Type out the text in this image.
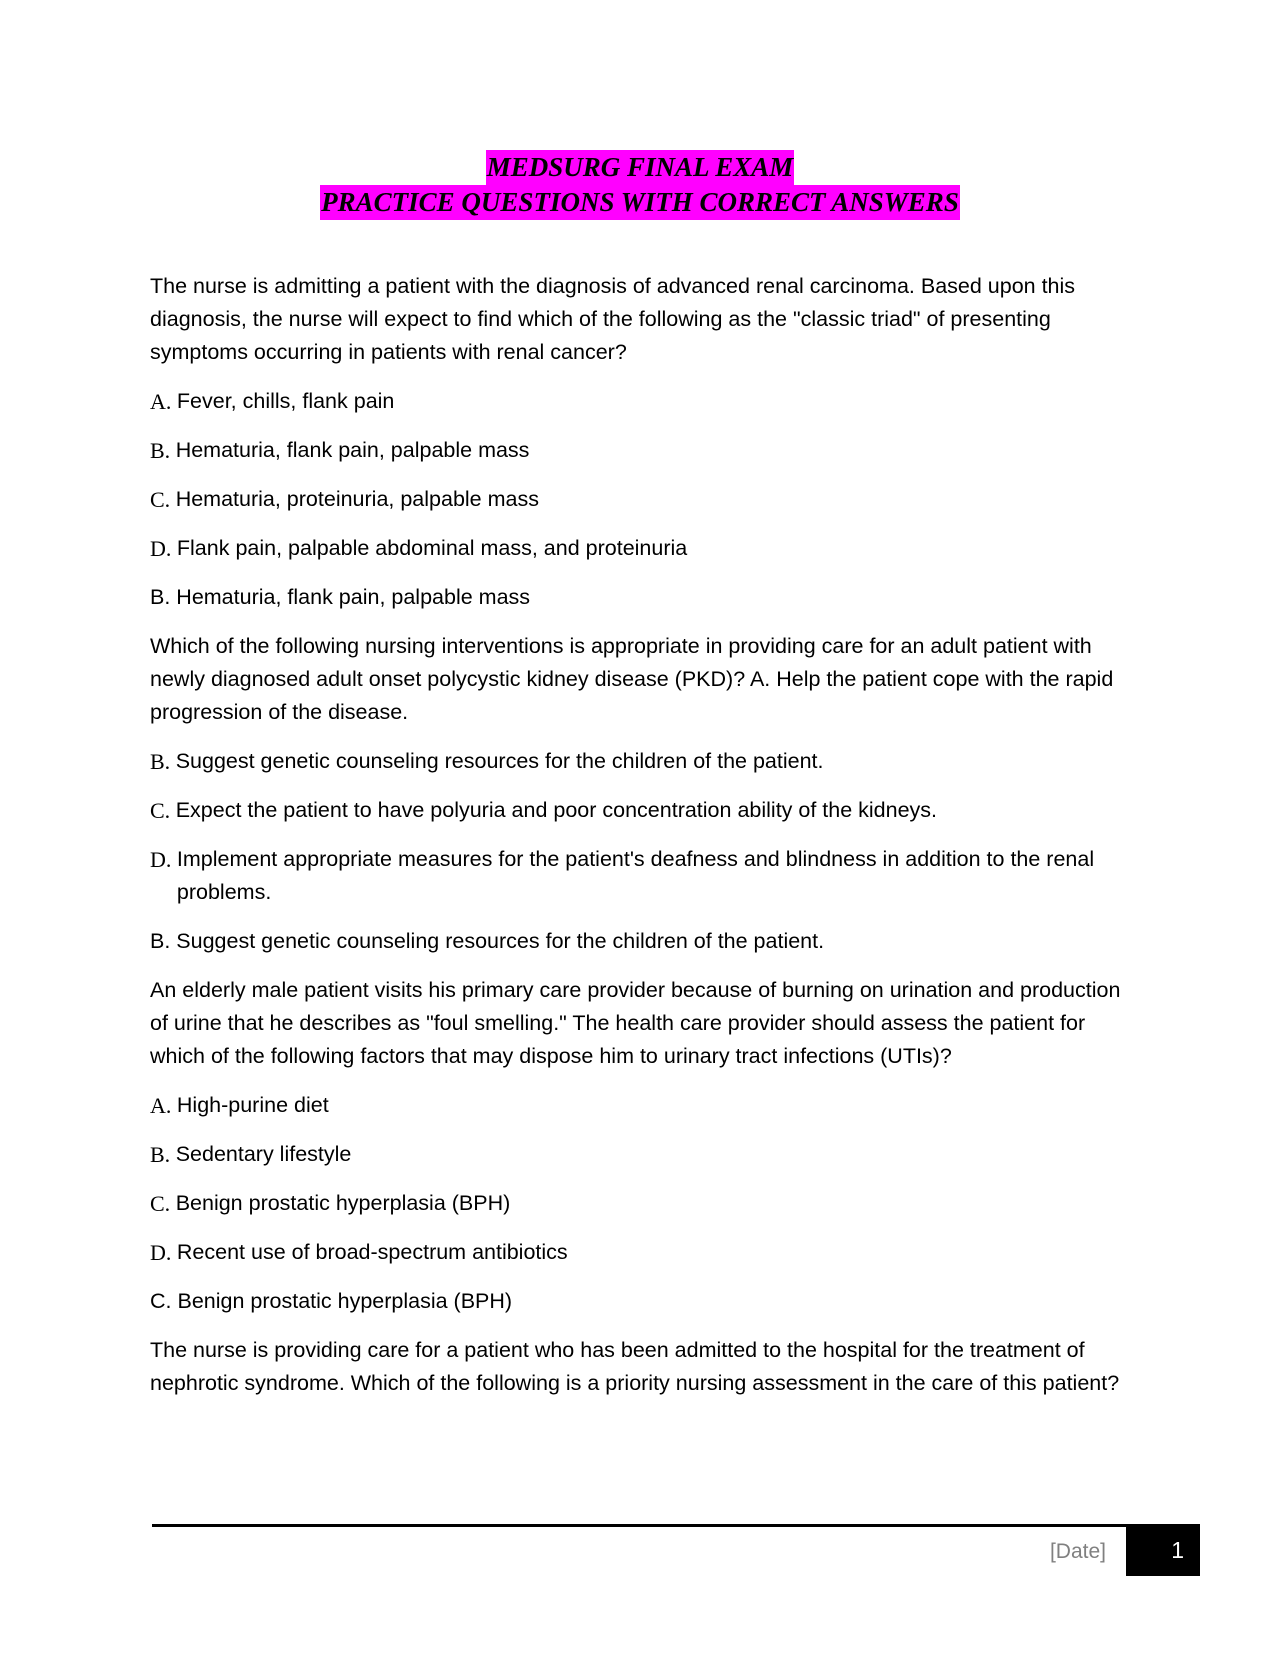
MEDSURG FINAL EXAM
PRACTICE QUESTIONS WITH CORRECT ANSWERS

The nurse is admitting a patient with the diagnosis of advanced renal carcinoma. Based upon this diagnosis, the nurse will expect to find which of the following as the "classic triad" of presenting symptoms occurring in patients with renal cancer?

A. Fever, chills, flank pain
B. Hematuria, flank pain, palpable mass
C. Hematuria, proteinuria, palpable mass
D. Flank pain, palpable abdominal mass, and proteinuria

B. Hematuria, flank pain, palpable mass

Which of the following nursing interventions is appropriate in providing care for an adult patient with newly diagnosed adult onset polycystic kidney disease (PKD)? A. Help the patient cope with the rapid progression of the disease.

B. Suggest genetic counseling resources for the children of the patient.
C. Expect the patient to have polyuria and poor concentration ability of the kidneys.
D. Implement appropriate measures for the patient's deafness and blindness in addition to the renal problems.

B. Suggest genetic counseling resources for the children of the patient.

An elderly male patient visits his primary care provider because of burning on urination and production of urine that he describes as "foul smelling." The health care provider should assess the patient for which of the following factors that may dispose him to urinary tract infections (UTIs)?

A. High-purine diet
B. Sedentary lifestyle
C. Benign prostatic hyperplasia (BPH)
D. Recent use of broad-spectrum antibiotics

C. Benign prostatic hyperplasia (BPH)

The nurse is providing care for a patient who has been admitted to the hospital for the treatment of nephrotic syndrome. Which of the following is a priority nursing assessment in the care of this patient?

[Date]	1
